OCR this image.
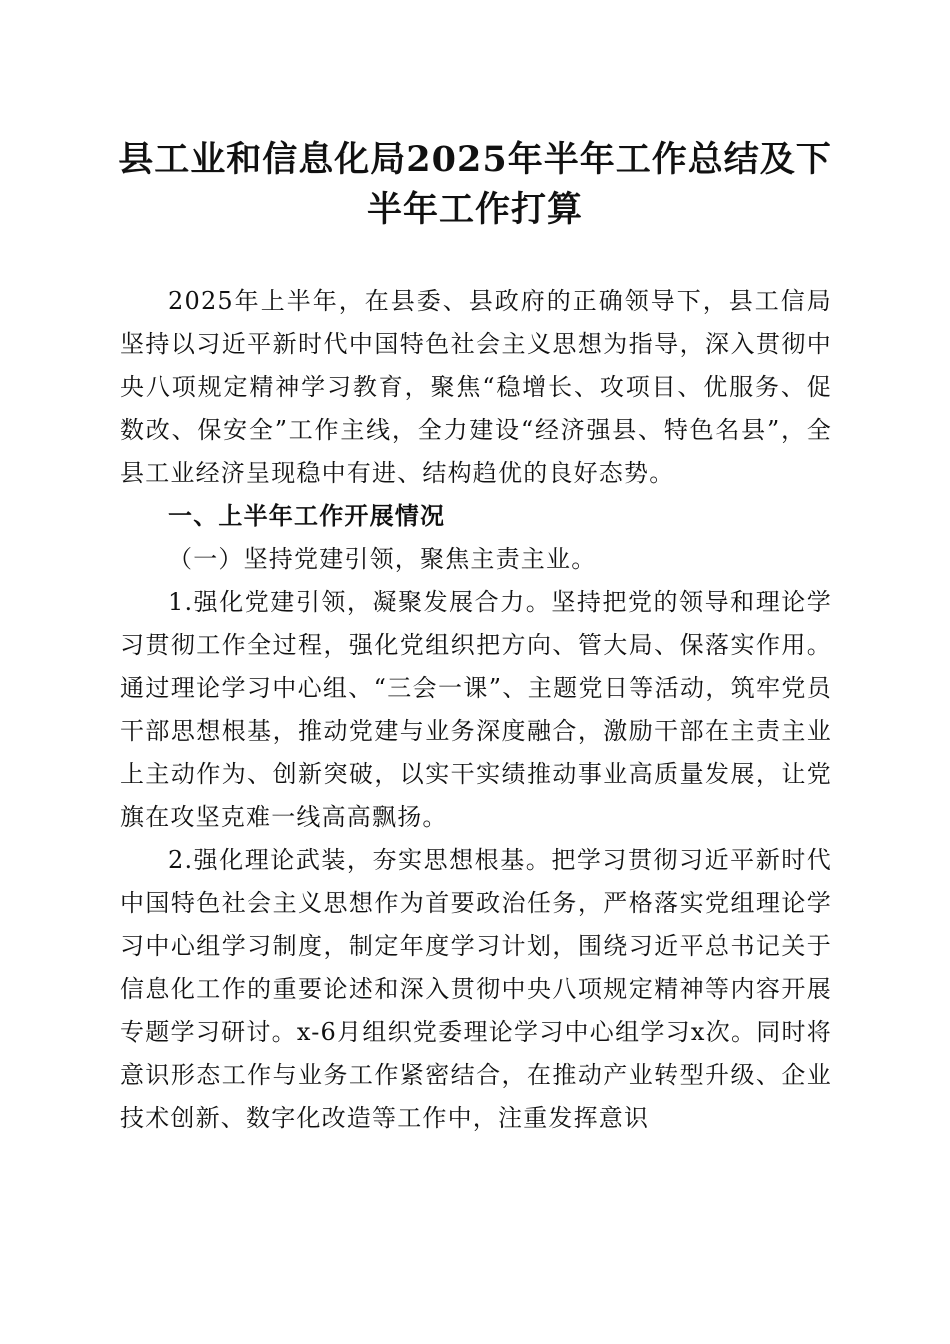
县工业和信息化局2025年半年工作总结及下
半年工作打算

2025年上半年，在县委、县政府的正确领导下，县工信局坚持以习近平新时代中国特色社会主义思想为指导，深入贯彻中央八项规定精神学习教育，聚焦“稳增长、攻项目、优服务、促数改、保安全”工作主线，全力建设“经济强县、特色名县”，全县工业经济呈现稳中有进、结构趋优的良好态势。

一、上半年工作开展情况

（一）坚持党建引领，聚焦主责主业。

1.强化党建引领，凝聚发展合力。坚持把党的领导和理论学习贯彻工作全过程，强化党组织把方向、管大局、保落实作用。通过理论学习中心组、“三会一课”、主题党日等活动，筑牢党员干部思想根基，推动党建与业务深度融合，激励干部在主责主业上主动作为、创新突破，以实干实绩推动事业高质量发展，让党旗在攻坚克难一线高高飘扬。

2.强化理论武装，夯实思想根基。把学习贯彻习近平新时代中国特色社会主义思想作为首要政治任务，严格落实党组理论学习中心组学习制度，制定年度学习计划，围绕习近平总书记关于信息化工作的重要论述和深入贯彻中央八项规定精神等内容开展专题学习研讨。x-6月组织党委理论学习中心组学习x次。同时将意识形态工作与业务工作紧密结合，在推动产业转型升级、企业技术创新、数字化改造等工作中，注重发挥意识
